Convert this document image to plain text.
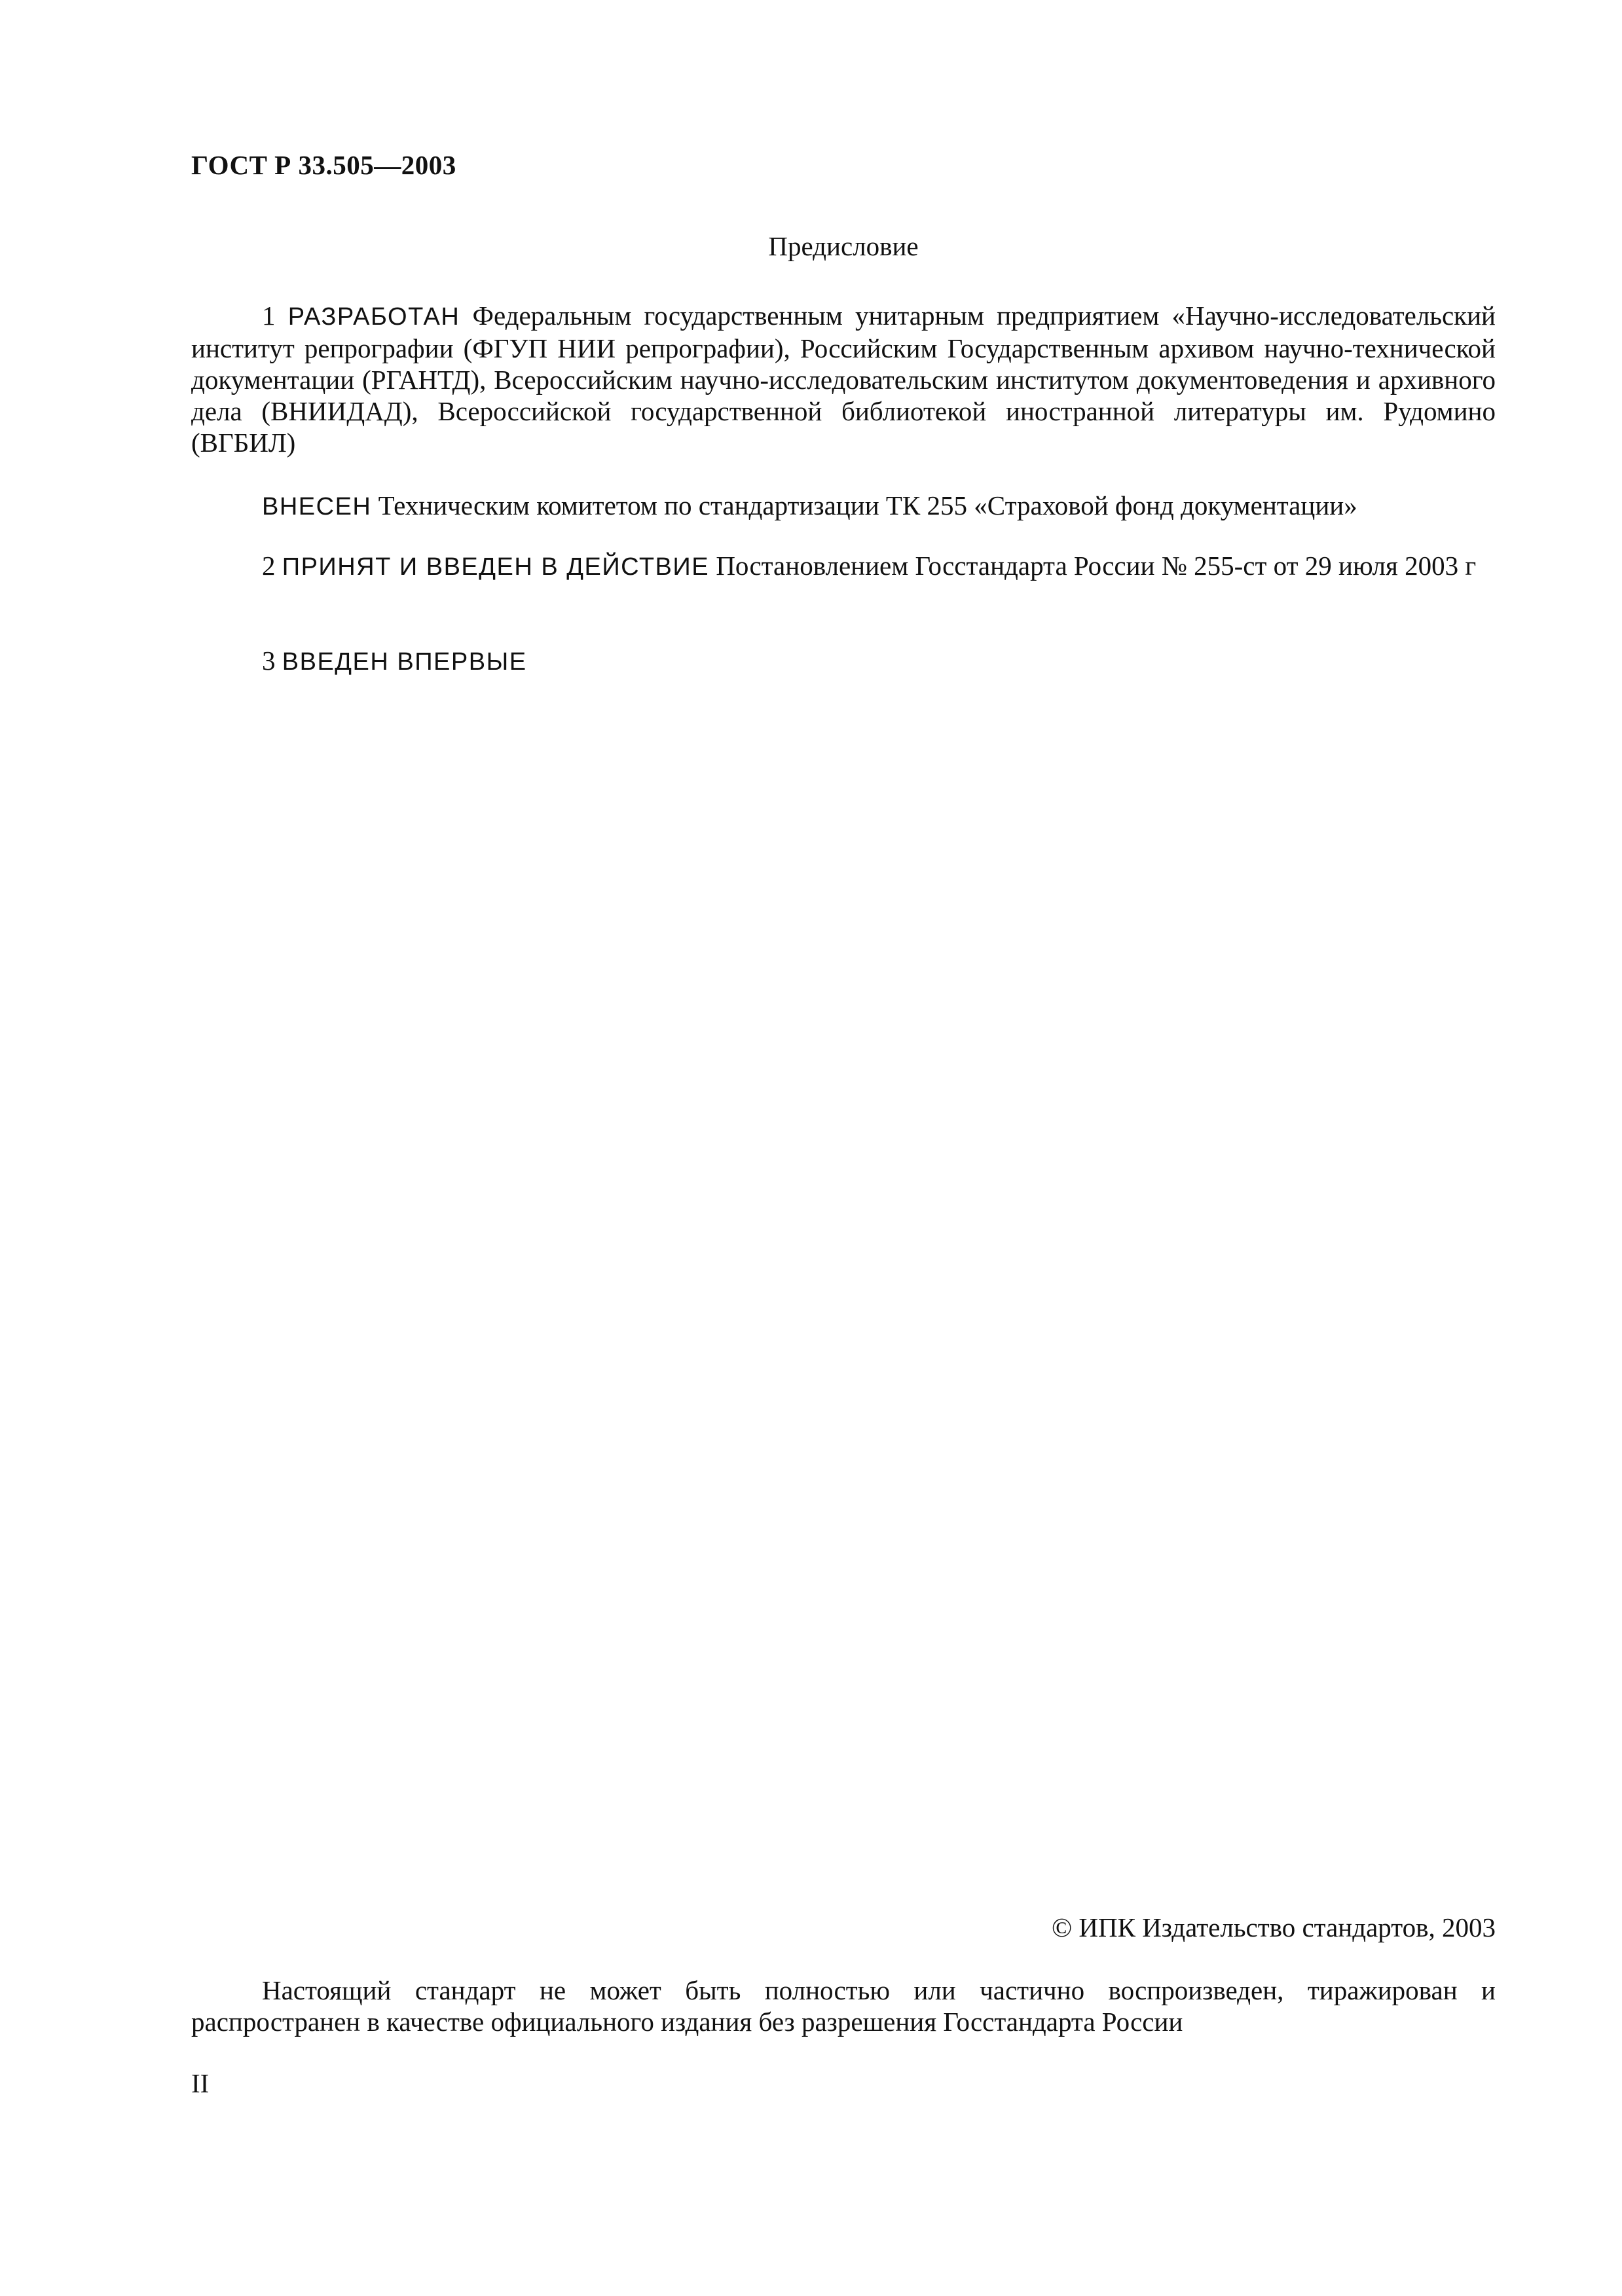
ГОСТ Р 33.505—2003
Предисловие

1 РАЗРАБОТАН Федеральным государственным унитарным предприятием «Научно-исследовательский институт репрографии (ФГУП НИИ репрографии), Российским Государственным архивом научно-технической документации (РГАНТД), Всероссийским научно-исследовательским институтом документоведения и архивного дела (ВНИИДАД), Всероссийской государственной библиотекой иностранной литературы им. Рудомино (ВГБИЛ)

ВНЕСЕН Техническим комитетом по стандартизации ТК 255 «Страховой фонд документации»

2 ПРИНЯТ И ВВЕДЕН В ДЕЙСТВИЕ Постановлением Госстандарта России № 255-ст от 29 июля 2003 г

3 ВВЕДЕН ВПЕРВЫЕ

© ИПК Издательство стандартов, 2003

Настоящий стандарт не может быть полностью или частично воспроизведен, тиражирован и распространен в качестве официального издания без разрешения Госстандарта России

II
